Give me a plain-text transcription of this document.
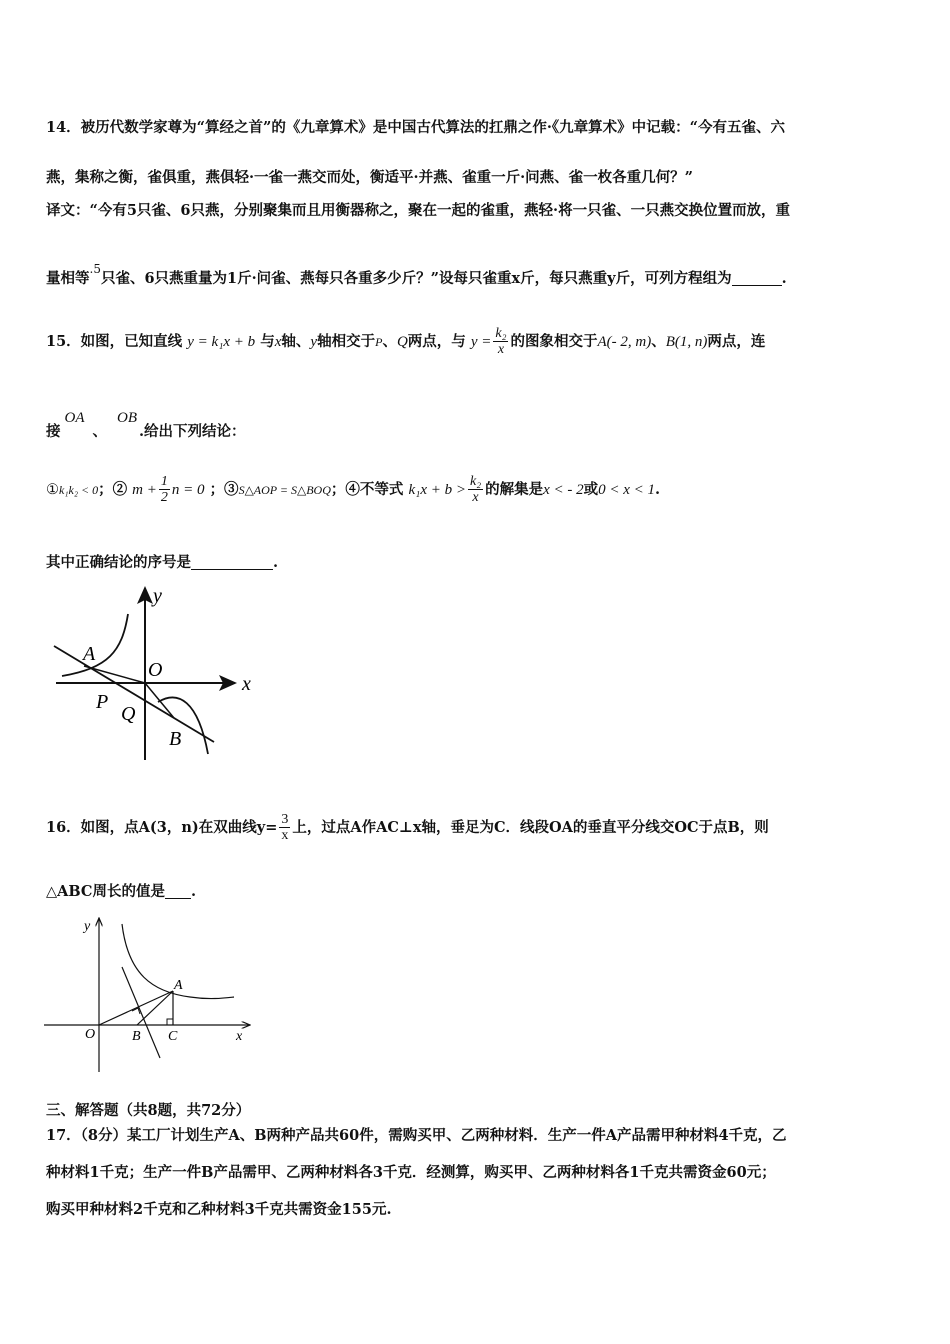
14．被历代数学家尊为“算经之首”的《九章算术》是中国古代算法的扛鼎之作·《九章算术》中记载：“今有五雀、六
燕，集称之衡，雀俱重，燕俱轻·一雀一燕交而处，衡适平·并燕、雀重一斤·问燕、雀一枚各重几何？”
译文：“今有5只雀、6只燕，分别聚集而且用衡器称之，聚在一起的雀重，燕轻·将一只雀、一只燕交换位置而放，重
量相等$^{.5}$只雀、6只燕重量为1斤·问雀、燕每只各重多少斤？”设每只雀重x斤，每只燕重y斤，可列方程组为	.
15．如图，已知直线 y = k₁x + b 与x轴、y轴相交于P、Q两点，与 $y = \frac{\text{k₂}}{x}$ 的图象相交于A(- 2, m)、B(1, n)两点，连
接OA、OB.给出下列结论：
①k₁k₂ < 0；② $m + \frac{1}{2}$ n = 0 ；③S△AOP = S△BOQ；④不等式 $k_1x + b > \frac{\text{k₂}}{x}$ 的解集是x < - 2或0 < x < 1.
其中正确结论的序号是	.
y
x
A
O
P
Q
B
16．如图，点A(3，n)在双曲线$y= \frac{3}{x}$ 上，过点A作AC⊥x轴，垂足为C．线段OA的垂直平分线交OC于点B，则
△ABC周长的值是 .
y
x
O
A
B C
三、解答题（共8题，共72分）
17．（8分）某工厂计划生产A、B两种产品共60件，需购买甲、乙两种材料．生产一件A产品需甲种材料4千克，乙
种材料1千克；生产一件B产品需甲、乙两种材料各3千克．经测算，购买甲、乙两种材料各1千克共需资金60元；
购买甲种材料2千克和乙种材料3千克共需资金155元.
